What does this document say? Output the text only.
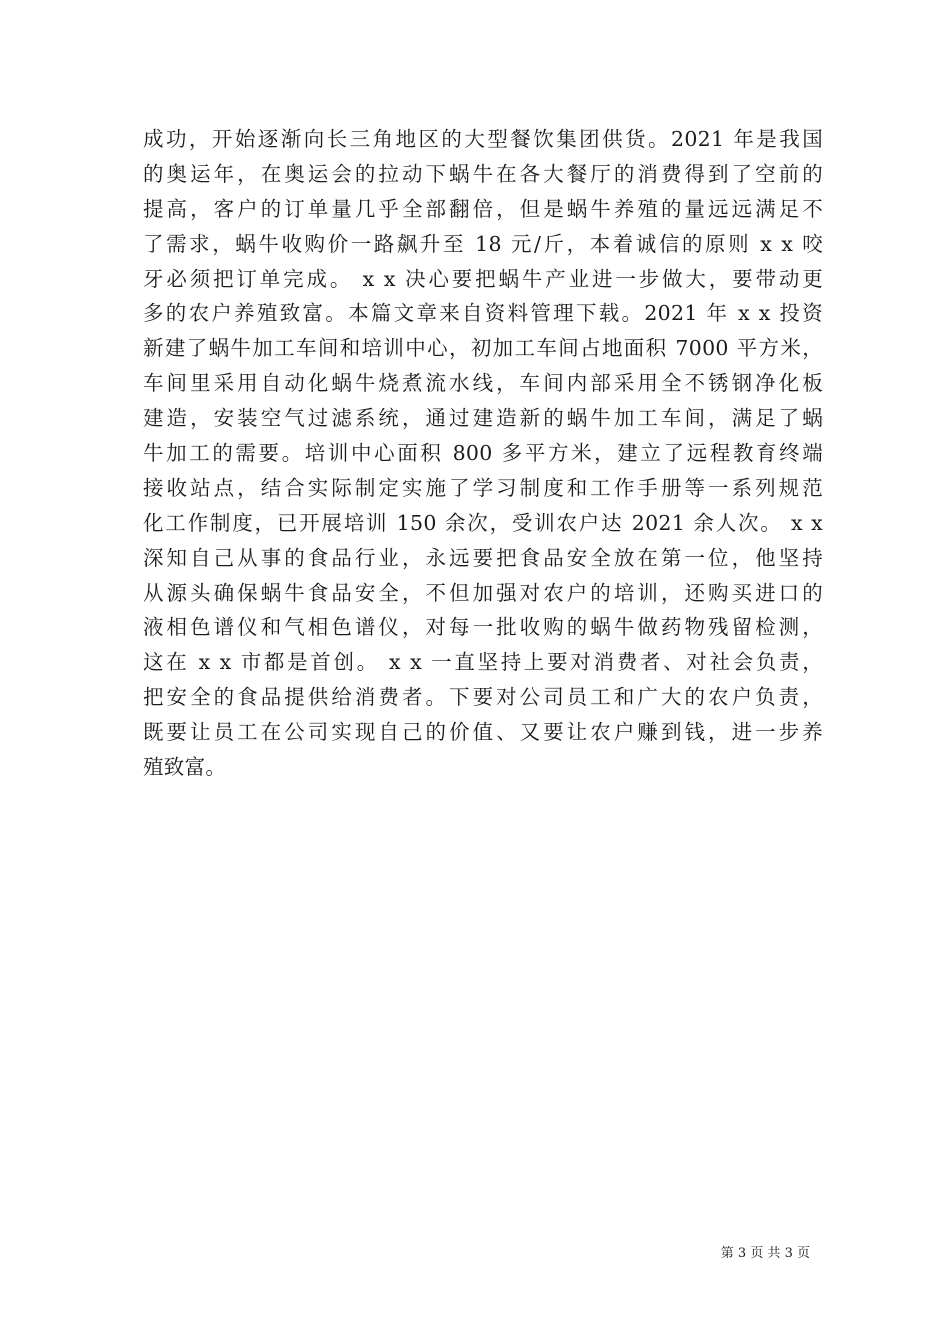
成功，开始逐渐向长三角地区的大型餐饮集团供货。2021 年是我国
的奥运年，在奥运会的拉动下蜗牛在各大餐厅的消费得到了空前的
提高，客户的订单量几乎全部翻倍，但是蜗牛养殖的量远远满足不
了需求，蜗牛收购价一路飙升至 18 元/斤，本着诚信的原则 x x 咬
牙必须把订单完成。 x x 决心要把蜗牛产业进一步做大，要带动更
多的农户养殖致富。本篇文章来自资料管理下载。2021 年 x x 投资
新建了蜗牛加工车间和培训中心，初加工车间占地面积 7000 平方米，
车间里采用自动化蜗牛烧煮流水线，车间内部采用全不锈钢净化板
建造，安装空气过滤系统，通过建造新的蜗牛加工车间，满足了蜗
牛加工的需要。培训中心面积 800 多平方米，建立了远程教育终端
接收站点，结合实际制定实施了学习制度和工作手册等一系列规范
化工作制度，已开展培训 150 余次，受训农户达 2021 余人次。 x x
深知自己从事的食品行业，永远要把食品安全放在第一位，他坚持
从源头确保蜗牛食品安全，不但加强对农户的培训，还购买进口的
液相色谱仪和气相色谱仪，对每一批收购的蜗牛做药物残留检测，
这在 x x 市都是首创。 x x 一直坚持上要对消费者、对社会负责，
把安全的食品提供给消费者。下要对公司员工和广大的农户负责，
既要让员工在公司实现自己的价值、又要让农户赚到钱，进一步养
殖致富。
第 3 页 共 3 页
